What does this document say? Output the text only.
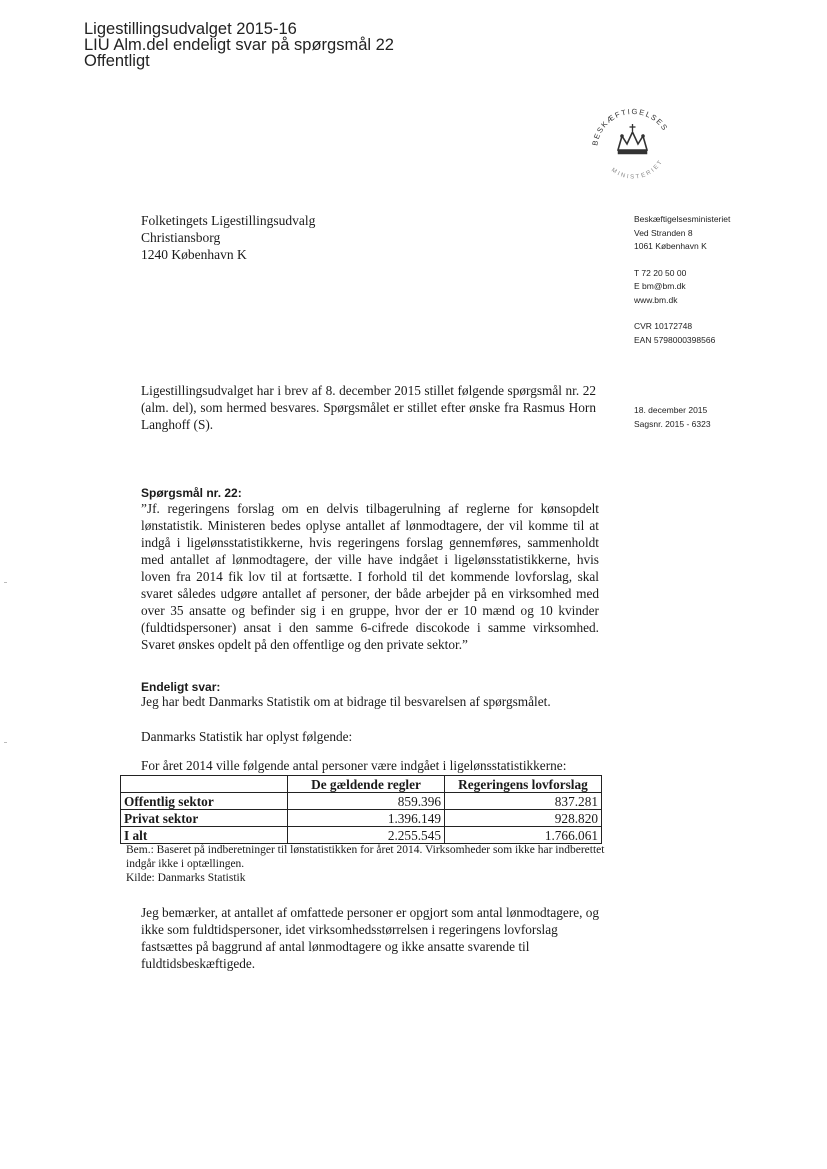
Ligestillingsudvalget 2015-16
LIU Alm.del endeligt svar på spørgsmål 22
Offentligt
BESKÆFTIGELSES
MINISTERIET
Folketingets Ligestillingsudvalg
Christiansborg
1240 København K
Beskæftigelsesministeriet
Ved Stranden 8
1061 København K
T 72 20 50 00
E bm@bm.dk
www.bm.dk
CVR 10172748
EAN 5798000398566
Ligestillingsudvalget har i brev af 8. december 2015 stillet følgende spørgsmål nr. 22 (alm. del), som hermed besvares. Spørgsmålet er stillet efter ønske fra Rasmus Horn Langhoff (S).
18. december 2015
Sagsnr. 2015 - 6323
Spørgsmål nr. 22:
”Jf. regeringens forslag om en delvis tilbagerulning af reglerne for kønsopdelt lønstatistik. Ministeren bedes oplyse antallet af lønmodtagere, der vil komme til at indgå i ligelønsstatistikkerne, hvis regeringens forslag gennemføres, sammenholdt med antallet af lønmodtagere, der ville have indgået i ligelønsstatistikkerne, hvis loven fra 2014 fik lov til at fortsætte. I forhold til det kommende lovforslag, skal svaret således udgøre antallet af personer, der både arbejder på en virksomhed med over 35 ansatte og befinder sig i en gruppe, hvor der er 10 mænd og 10 kvinder (fuldtidspersoner) ansat i den samme 6-cifrede discokode i samme virksomhed. Svaret ønskes opdelt på den offentlige og den private sektor.”
Endeligt svar:
Jeg har bedt Danmarks Statistik om at bidrage til besvarelsen af spørgsmålet.
Danmarks Statistik har oplyst følgende:
For året 2014 ville følgende antal personer være indgået i ligelønsstatistikkerne:
	De gældende regler	Regeringens lovforslag
Offentlig sektor	859.396	837.281
Privat sektor	1.396.149	928.820
I alt	2.255.545	1.766.061
Bem.: Baseret på indberetninger til lønstatistikken for året 2014. Virksomheder som ikke har indberettet indgår ikke i optællingen.
Kilde: Danmarks Statistik
Jeg bemærker, at antallet af omfattede personer er opgjort som antal lønmodtagere, og ikke som fuldtidspersoner, idet virksomhedsstørrelsen i regeringens lovforslag fastsættes på baggrund af antal lønmodtagere og ikke ansatte svarende til fuldtidsbeskæftigede.
